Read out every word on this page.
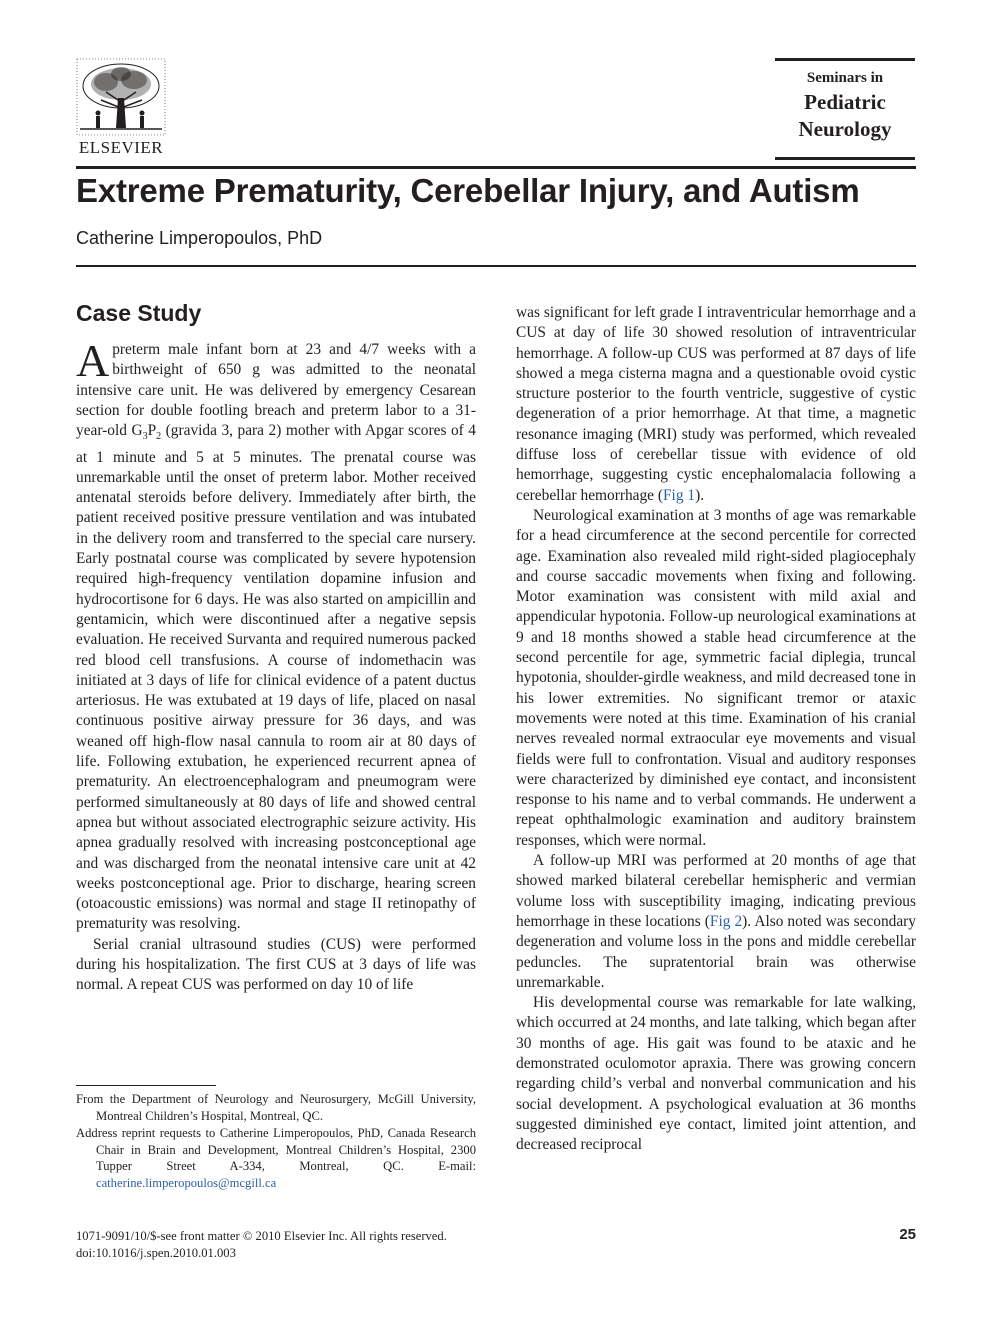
ELSEVIER
Seminars in
Pediatric
Neurology
Extreme Prematurity, Cerebellar Injury, and Autism
Catherine Limperopoulos, PhD
Case Study

A preterm male infant born at 23 and 4/7 weeks with a birthweight of 650 g was admitted to the neonatal intensive care unit. He was delivered by emergency Cesarean section for double footling breach and preterm labor to a 31-year-old $G_3P_2$ (gravida 3, para 2) mother with Apgar scores of 4 at 1 minute and 5 at 5 minutes. The prenatal course was unremarkable until the onset of preterm labor. Mother received antenatal steroids before delivery. Immediately after birth, the patient received positive pressure ventilation and was intubated in the delivery room and transferred to the special care nursery. Early postnatal course was complicated by severe hypotension required high-frequency ventilation dopamine infusion and hydrocortisone for 6 days. He was also started on ampicillin and gentamicin, which were discontinued after a negative sepsis evaluation. He received Survanta and required numerous packed red blood cell transfusions. A course of indomethacin was initiated at 3 days of life for clinical evidence of a patent ductus arteriosus. He was extubated at 19 days of life, placed on nasal continuous positive airway pressure for 36 days, and was weaned off high-flow nasal cannula to room air at 80 days of life. Following extubation, he experienced recurrent apnea of prematurity. An electroencephalogram and pneumogram were performed simultaneously at 80 days of life and showed central apnea but without associated electrographic seizure activity. His apnea gradually resolved with increasing postconceptional age and was discharged from the neonatal intensive care unit at 42 weeks postconceptional age. Prior to discharge, hearing screen (otoacoustic emissions) was normal and stage II retinopathy of prematurity was resolving.

Serial cranial ultrasound studies (CUS) were performed during his hospitalization. The first CUS at 3 days of life was normal. A repeat CUS was performed on day 10 of life

was significant for left grade I intraventricular hemorrhage and a CUS at day of life 30 showed resolution of intraventricular hemorrhage. A follow-up CUS was performed at 87 days of life showed a mega cisterna magna and a questionable ovoid cystic structure posterior to the fourth ventricle, suggestive of cystic degeneration of a prior hemorrhage. At that time, a magnetic resonance imaging (MRI) study was performed, which revealed diffuse loss of cerebellar tissue with evidence of old hemorrhage, suggesting cystic encephalomalacia following a cerebellar hemorrhage (Fig 1).

Neurological examination at 3 months of age was remarkable for a head circumference at the second percentile for corrected age. Examination also revealed mild right-sided plagiocephaly and course saccadic movements when fixing and following. Motor examination was consistent with mild axial and appendicular hypotonia. Follow-up neurological examinations at 9 and 18 months showed a stable head circumference at the second percentile for age, symmetric facial diplegia, truncal hypotonia, shoulder-girdle weakness, and mild decreased tone in his lower extremities. No significant tremor or ataxic movements were noted at this time. Examination of his cranial nerves revealed normal extraocular eye movements and visual fields were full to confrontation. Visual and auditory responses were characterized by diminished eye contact, and inconsistent response to his name and to verbal commands. He underwent a repeat ophthalmologic examination and auditory brainstem responses, which were normal.

A follow-up MRI was performed at 20 months of age that showed marked bilateral cerebellar hemispheric and vermian volume loss with susceptibility imaging, indicating previous hemorrhage in these locations (Fig 2). Also noted was secondary degeneration and volume loss in the pons and middle cerebellar peduncles. The supratentorial brain was otherwise unremarkable.

His developmental course was remarkable for late walking, which occurred at 24 months, and late talking, which began after 30 months of age. His gait was found to be ataxic and he demonstrated oculomotor apraxia. There was growing concern regarding child’s verbal and nonverbal communication and his social development. A psychological evaluation at 36 months suggested diminished eye contact, limited joint attention, and decreased reciprocal

From the Department of Neurology and Neurosurgery, McGill University, Montreal Children’s Hospital, Montreal, QC.

Address reprint requests to Catherine Limperopoulos, PhD, Canada Research Chair in Brain and Development, Montreal Children’s Hospital, 2300 Tupper Street A-334, Montreal, QC. E-mail: catherine.limperopoulos@mcgill.ca

1071-9091/10/$-see front matter © 2010 Elsevier Inc. All rights reserved.
doi:10.1016/j.spen.2010.01.003
25
